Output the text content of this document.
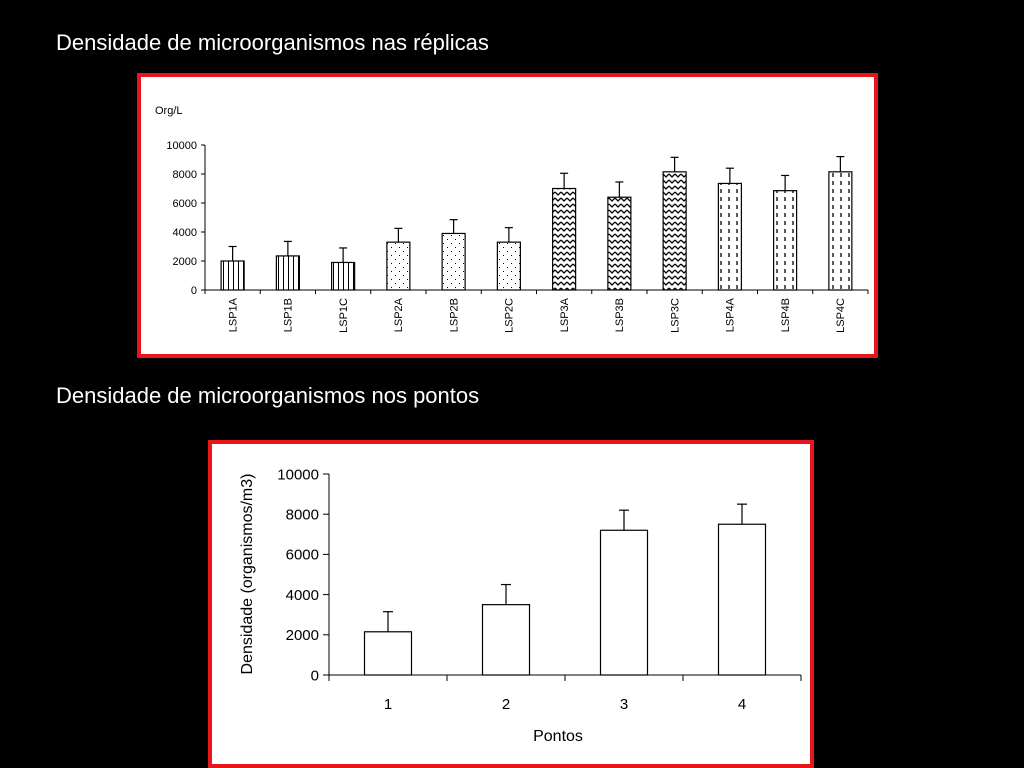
Densidade de microorganismos nas réplicas
Densidade de microorganismos nos pontos
Org/L
0
2000
4000
6000
8000
10000
LSP1A	LSP1B	LSP1C	LSP2A	LSP2B	LSP2C	LSP3A	LSP3B	LSP3C	LSP4A	LSP4B	LSP4C
Densidade (organismos/m3)
Pontos
0
2000
4000
6000
8000
10000
1	2	3	4
